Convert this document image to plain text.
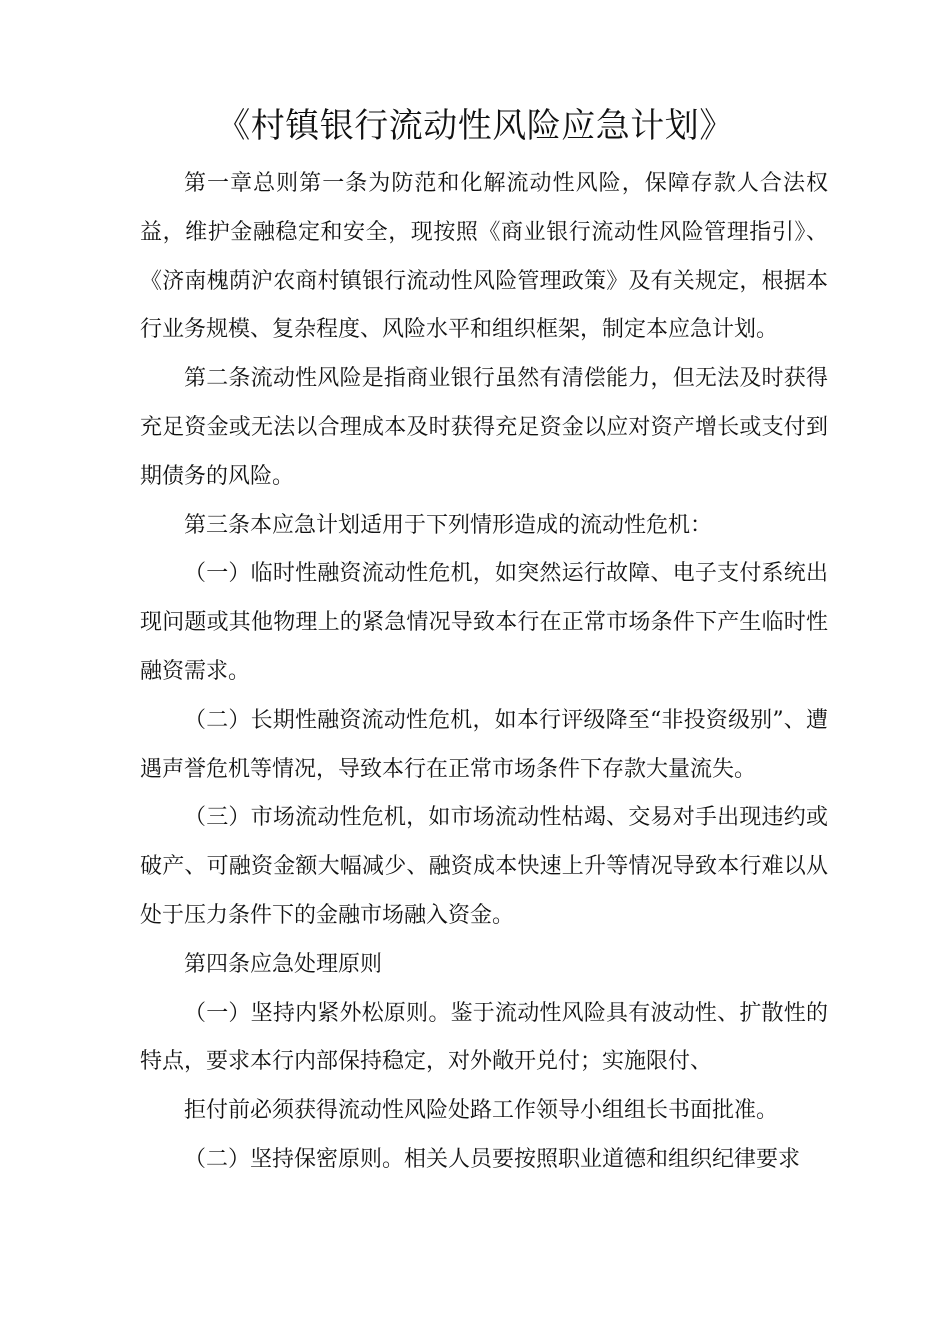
《村镇银行流动性风险应急计划》

第一章总则第一条为防范和化解流动性风险，保障存款人合法权益，维护金融稳定和安全，现按照《商业银行流动性风险管理指引》、《济南槐荫沪农商村镇银行流动性风险管理政策》及有关规定，根据本行业务规模、复杂程度、风险水平和组织框架，制定本应急计划。

第二条流动性风险是指商业银行虽然有清偿能力，但无法及时获得充足资金或无法以合理成本及时获得充足资金以应对资产增长或支付到期债务的风险。

第三条本应急计划适用于下列情形造成的流动性危机：

（一）临时性融资流动性危机，如突然运行故障、电子支付系统出现问题或其他物理上的紧急情况导致本行在正常市场条件下产生临时性融资需求。

（二）长期性融资流动性危机，如本行评级降至“非投资级别”、遭遇声誉危机等情况，导致本行在正常市场条件下存款大量流失。

（三）市场流动性危机，如市场流动性枯竭、交易对手出现违约或破产、可融资金额大幅减少、融资成本快速上升等情况导致本行难以从处于压力条件下的金融市场融入资金。

第四条应急处理原则

（一）坚持内紧外松原则。鉴于流动性风险具有波动性、扩散性的特点，要求本行内部保持稳定，对外敞开兑付；实施限付、

拒付前必须获得流动性风险处路工作领导小组组长书面批准。

（二）坚持保密原则。相关人员要按照职业道德和组织纪律要求
